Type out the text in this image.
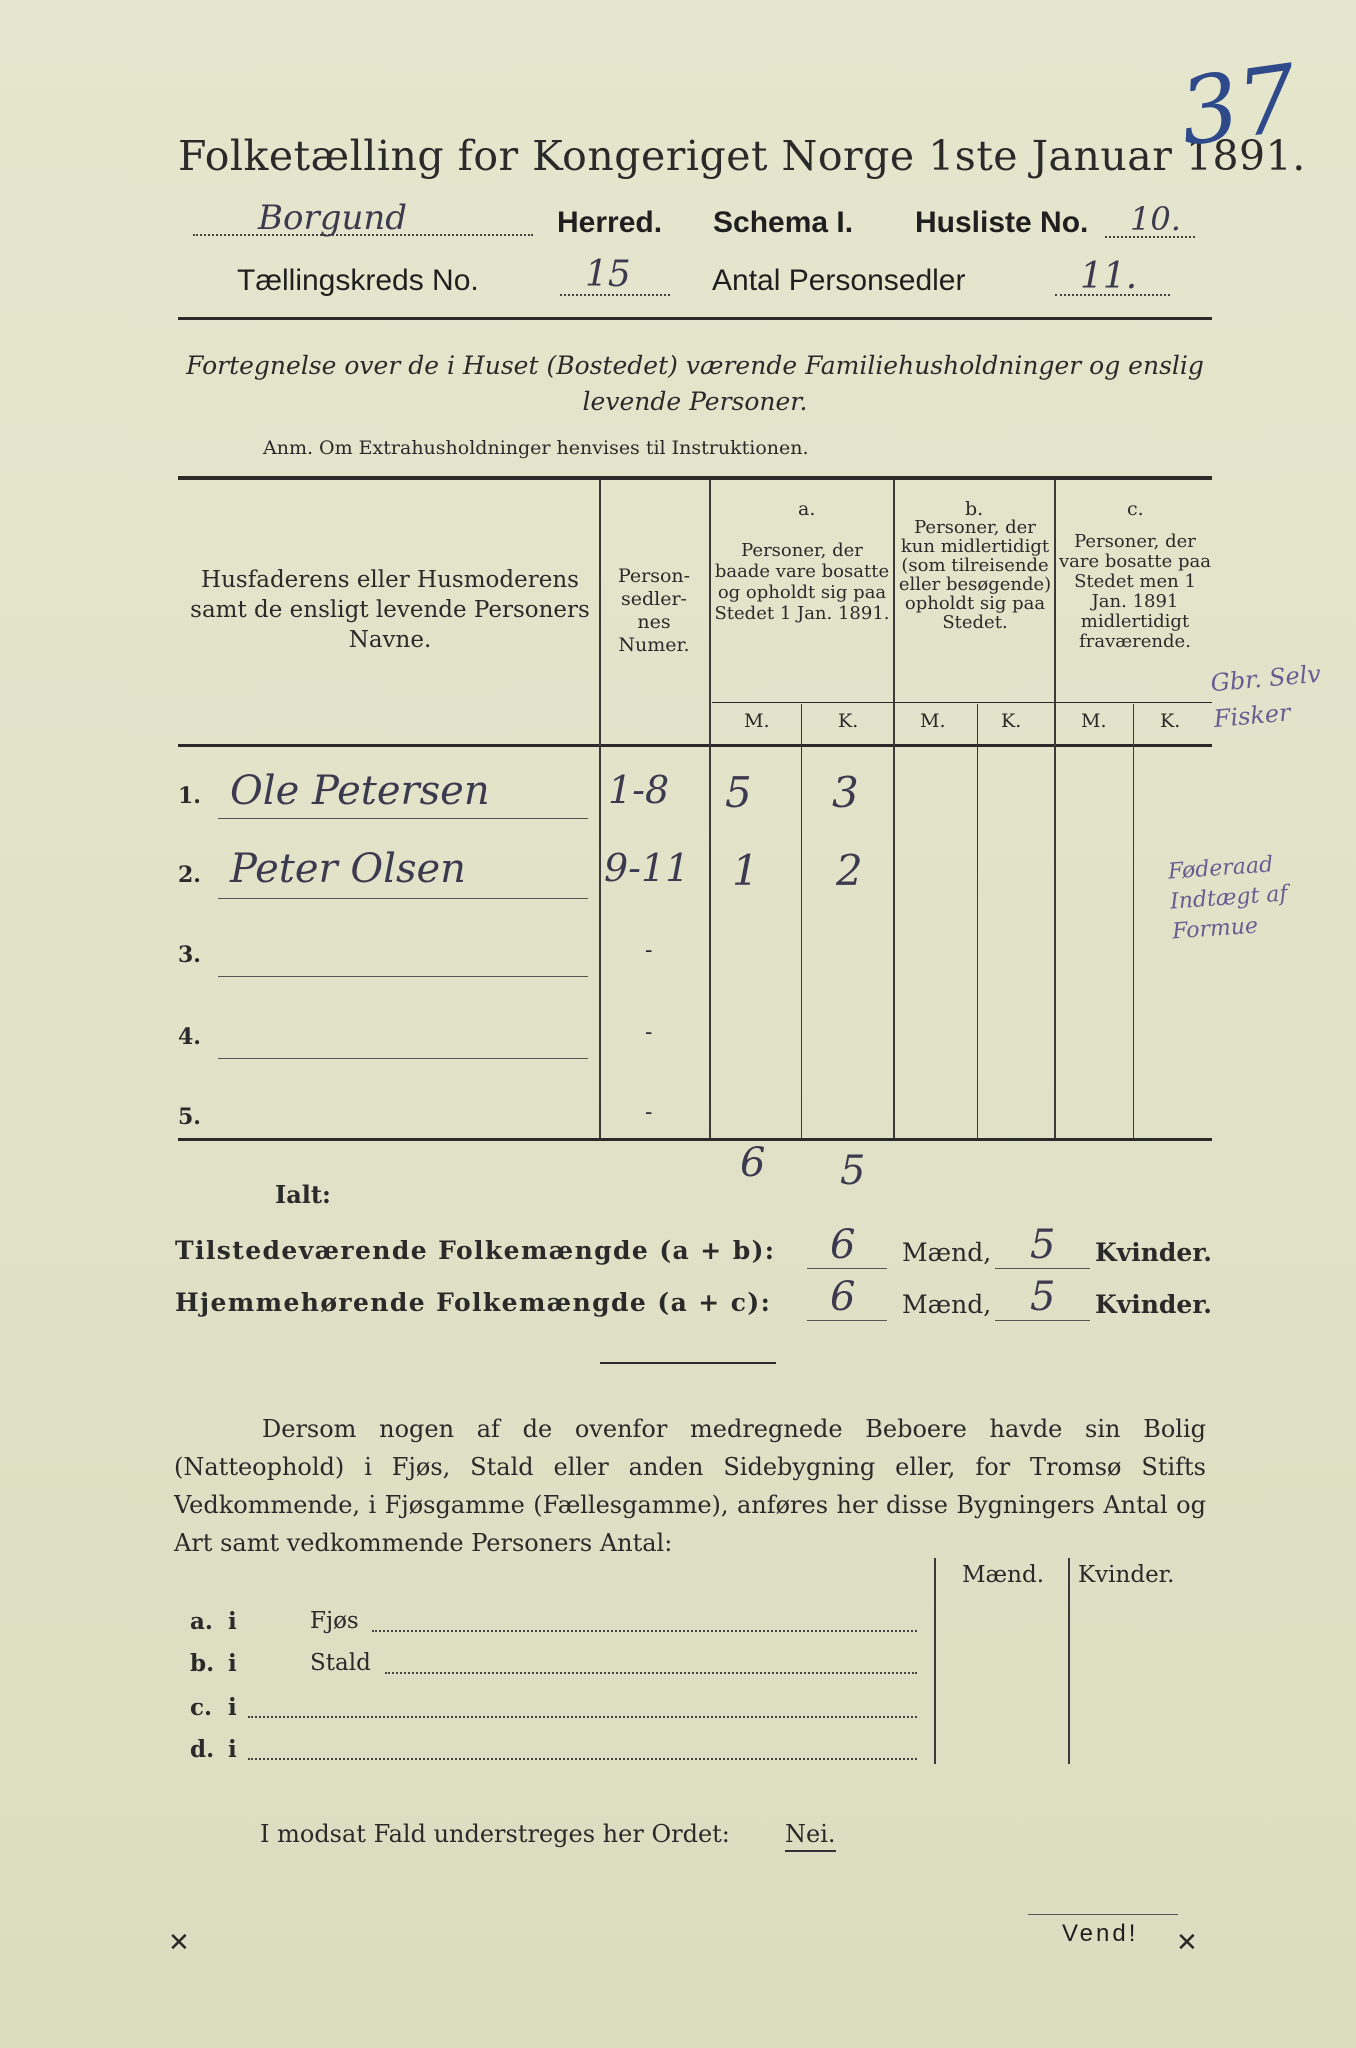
Folketælling for Kongeriget Norge 1ste Januar 1891.
37
Borgund	Herred. Schema I. Husliste No. 10.
Tællingskreds No.	15	Antal Personsedler	11.
Fortegnelse over de i Huset (Bostedet) værende Familiehusholdninger og enslig levende Personer.
Anm. Om Extrahusholdninger henvises til Instruktionen.
Husfaderens eller Husmoderens samt de ensligt levende Personers Navne.
Person-sedler-nes Numer.
a.
Personer, der baade vare bosatte og opholdt sig paa Stedet 1 Jan. 1891.
b.
Personer, der kun midlertidigt (som tilreisende eller besøgende) opholdt sig paa Stedet.
c.
Personer, der vare bosatte paa Stedet men 1 Jan. 1891 midlertidigt fraværende.
M.	K.	M.	K.	M.	K.
1. Ole Petersen	1-8 5 3
Gbr. Selv Fisker
2. Peter Olsen	9-11 1 2	Føderaad Indtægt af Formue
3.	-
4.	-
5.	-
6 5
Ialt:
Tilstedeværende Folkemængde (a + b): 6 Mænd, 5 Kvinder.
Hjemmehørende Folkemængde (a + c): 6 Mænd, 5 Kvinder.
Dersom nogen af de ovenfor medregnede Beboere havde sin Bolig (Natteophold) i Fjøs, Stald eller anden Sidebygning eller, for Tromsø Stifts Vedkommende, i Fjøsgamme (Fællesgamme), anføres her disse Bygningers Antal og Art samt vedkommende Personers Antal:
Mænd. Kvinder.
a. i	Fjøs
b. i	Stald
c. i
d. i
I modsat Fald understreges her Ordet: Nei.
Vend!
✕	✕
